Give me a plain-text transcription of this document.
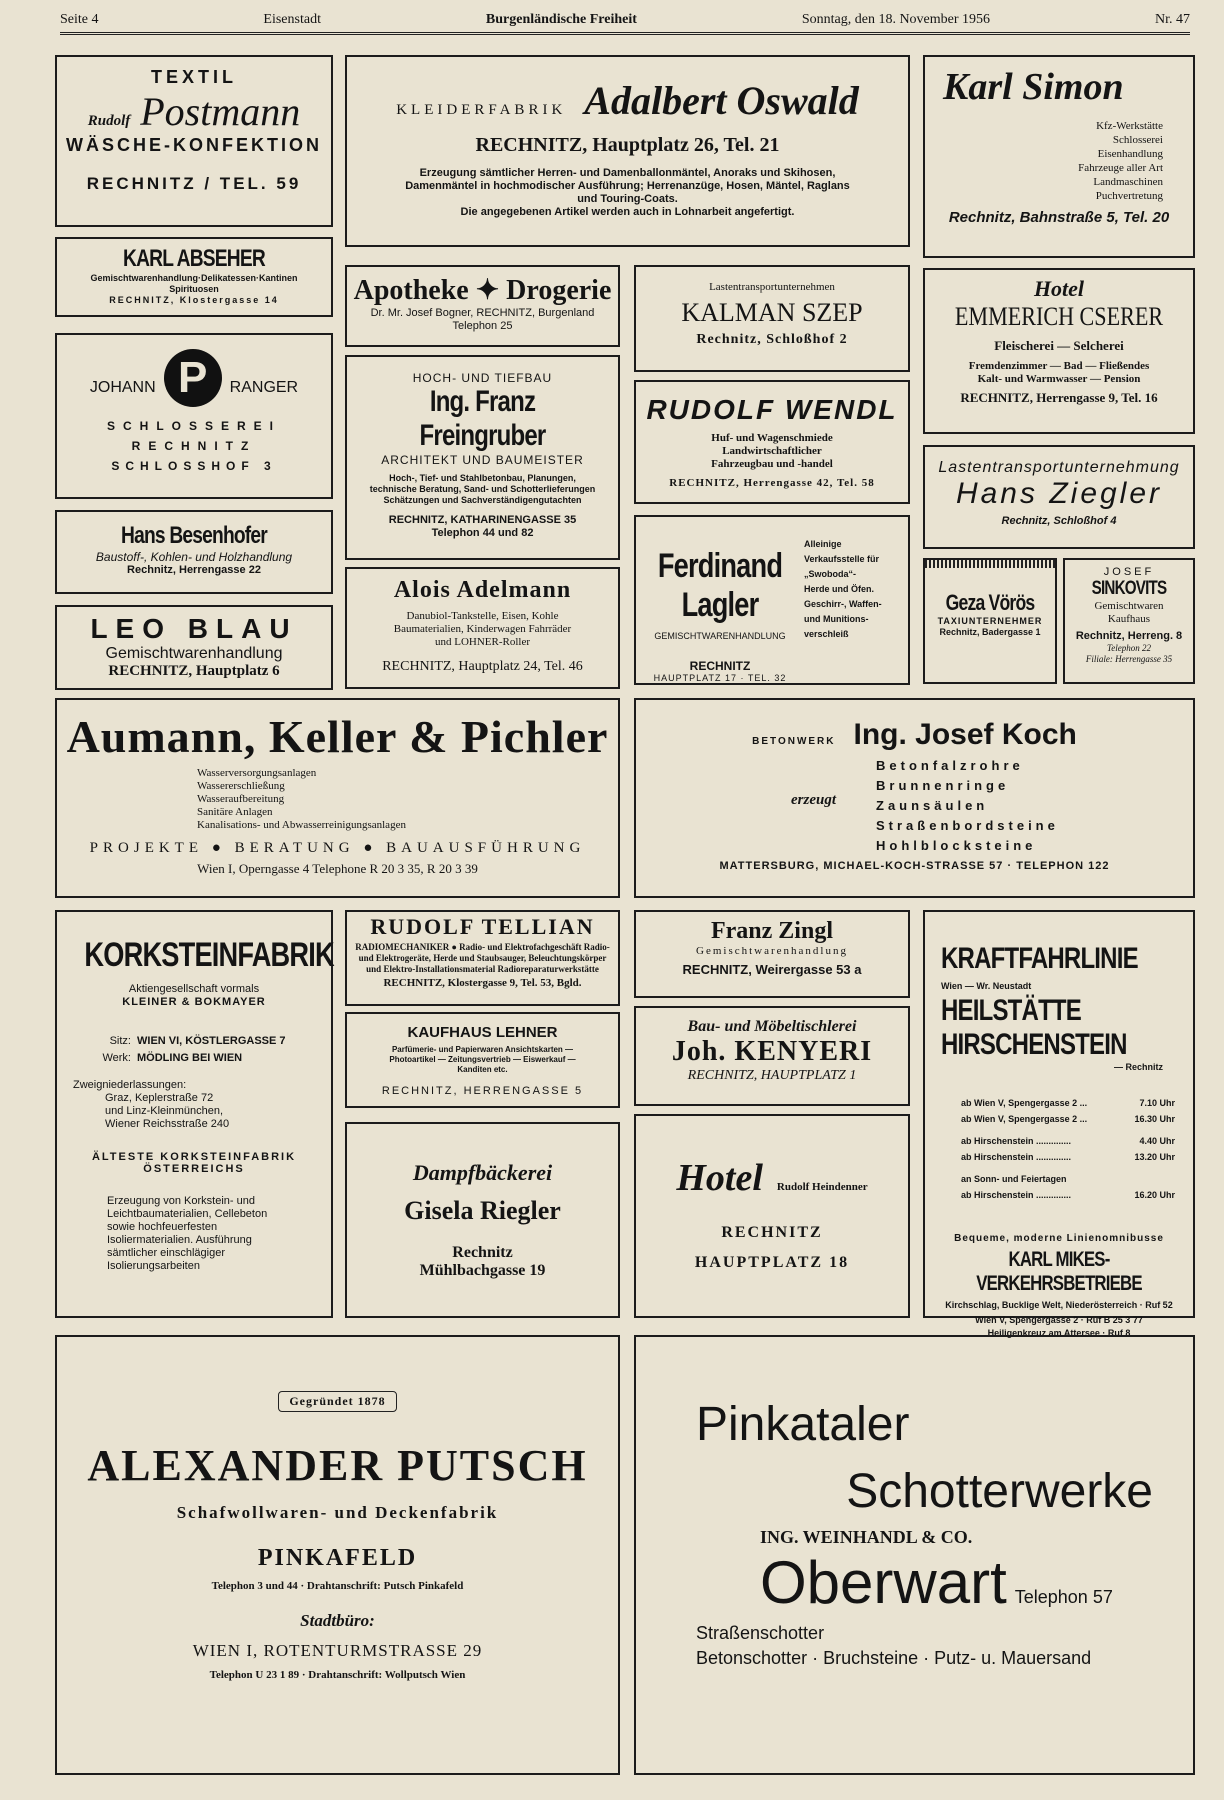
Seite 4	Eisenstadt	Burgenländische Freiheit	Sonntag, den 18. November 1956	Nr. 47
TEXTIL
Rudolf Postmann
WÄSCHE-KONFEKTION
RECHNITZ / TEL. 59
KLEIDERFABRIK Adalbert Oswald
RECHNITZ, Hauptplatz 26, Tel. 21
Erzeugung sämtlicher Herren- und Damenballonmäntel, Anoraks und Skihosen, Damenmäntel in hochmodischer Ausführung; Herrenanzüge, Hosen, Mäntel, Raglans und Touring-Coats.
Die angegebenen Artikel werden auch in Lohnarbeit angefertigt.
Karl Simon
Kfz-Werkstätte
Schlosserei
Eisenhandlung
Fahrzeuge aller Art
Landmaschinen
Puchvertretung
Rechnitz, Bahnstraße 5, Tel. 20
KARL ABSEHER
Gemischtwarenhandlung·Delikatessen·Kantinen
Spirituosen
RECHNITZ, Klostergasse 14	Apotheke ✦ Drogerie
Dr. Mr. Josef Bogner, RECHNITZ, Burgenland
Telephon 25
Lastentransportunternehmen
KALMAN SZEP
Rechnitz, Schloßhof 2
Hotel
EMMERICH CSERER
Fleischerei — Selcherei
Fremdenzimmer — Bad — Fließendes
Kalt- und Warmwasser — Pension
RECHNITZ, Herrengasse 9, Tel. 16
JOHANN P RANGER
SCHLOSSEREI
RECHNITZ
SCHLOSSHOF 3
HOCH- UND TIEFBAU
Ing. Franz Freingruber
ARCHITEKT UND BAUMEISTER
Hoch-, Tief- und Stahlbetonbau, Planungen, technische Beratung, Sand- und Schotterlieferungen Schätzungen und Sachverständigengutachten
RECHNITZ, KATHARINENGASSE 35
Telephon 44 und 82
RUDOLF WENDL
Huf- und Wagenschmiede
Landwirtschaftlicher
Fahrzeugbau und -handel
RECHNITZ, Herrengasse 42, Tel. 58
Lastentransportunternehmung
Hans Ziegler
Rechnitz, Schloßhof 4
Hans Besenhofer
Baustoff-, Kohlen- und Holzhandlung
Rechnitz, Herrengasse 22	Ferdinand Lagler
GEMISCHTWARENHANDLUNG
RECHNITZ
HAUPTPLATZ 17 · TEL. 32
Alleinige
Verkaufsstelle für
„Swoboda“-
Herde und Öfen.
Geschirr-, Waffen-
und Munitions-
verschleiß
Geza Vörös
TAXIUNTERNEHMER
Rechnitz, Badergasse 1
JOSEF
SINKOVITS
Gemischtwaren
Kaufhaus
Rechnitz, Herreng. 8
Telephon 22
Filiale: Herrengasse 35
LEO BLAU
Gemischtwarenhandlung
RECHNITZ, Hauptplatz 6
Alois Adelmann
Danubiol-Tankstelle, Eisen, Kohle Baumaterialien, Kinderwagen Fahrräder und LOHNER-Roller
RECHNITZ, Hauptplatz 24, Tel. 46
Aumann, Keller & Pichler
Wasserversorgungsanlagen
Wassererschließung
Wasseraufbereitung
Sanitäre Anlagen
Kanalisations- und Abwasserreinigungsanlagen
PROJEKTE ● BERATUNG ● BAUAUSFÜHRUNG
Wien I, Operngasse 4 Telephone R 20 3 35, R 20 3 39
BETONWERK Ing. Josef Koch
erzeugt
Betonfalzrohre
Brunnenringe
Zaunsäulen
Straßenbordsteine
Hohlblocksteine
MATTERSBURG, MICHAEL-KOCH-STRASSE 57 · TELEPHON 122
KORKSTEINFABRIK
Aktiengesellschaft vormals
KLEINER & BOKMAYER
Sitz: WIEN VI, KÖSTLERGASSE 7
Werk: MÖDLING BEI WIEN
Zweigniederlassungen:
Graz, Keplerstraße 72
und Linz-Kleinmünchen,
Wiener Reichsstraße 240
ÄLTESTE KORKSTEINFABRIK ÖSTERREICHS
Erzeugung von Korkstein- und Leichtbaumaterialien, Cellebeton sowie hochfeuerfesten Isoliermaterialien. Ausführung sämtlicher einschlägiger Isolierungsarbeiten
RUDOLF TELLIAN
RADIOMECHANIKER ● Radio- und Elektrofachgeschäft Radio- und Elektrogeräte, Herde und Staubsauger, Beleuchtungskörper und Elektro-Installationsmaterial Radioreparaturwerkstätte
RECHNITZ, Klostergasse 9, Tel. 53, Bgld.
Franz Zingl
Gemischtwarenhandlung
RECHNITZ, Weirergasse 53 a	KRAFTFAHRLINIE Wien — Wr. Neustadt
HEILSTÄTTE HIRSCHENSTEIN
— Rechnitz
ab Wien V, Spengergasse 2 ...	7.10 Uhr
ab Wien V, Spengergasse 2 ...	16.30 Uhr
ab Hirschenstein ..............	4.40 Uhr
ab Hirschenstein ..............	13.20 Uhr
an Sonn- und Feiertagen
ab Hirschenstein ..............	16.20 Uhr
Bequeme, moderne Linienomnibusse
KARL MIKES-VERKEHRSBETRIEBE
Kirchschlag, Bucklige Welt, Niederösterreich · Ruf 52
Wien V, Spengergasse 2 · Ruf B 25 3 77
Heiligenkreuz am Attersee · Ruf 8
KAUFHAUS LEHNER
Parfümerie- und Papierwaren Ansichtskarten — Photoartikel — Zeitungsvertrieb — Eiswerkauf — Kanditen etc.
RECHNITZ, HERRENGASSE 5
Bau- und Möbeltischlerei
Joh. KENYERI
RECHNITZ, HAUPTPLATZ 1
Dampfbäckerei
Gisela Riegler
Rechnitz
Mühlbachgasse 19
Hotel Rudolf Heindenner
RECHNITZ
HAUPTPLATZ 18
Gegründet 1878
ALEXANDER PUTSCH
Schafwollwaren- und Deckenfabrik
PINKAFELD
Telephon 3 und 44 · Drahtanschrift: Putsch Pinkafeld
Stadtbüro:
WIEN I, ROTENTURMSTRASSE 29
Telephon U 23 1 89 · Drahtanschrift: Wollputsch Wien
Pinkataler
Schotterwerke
ING. WEINHANDL & CO.
Oberwart Telephon 57
Straßenschotter
Betonschotter · Bruchsteine · Putz- u. Mauersand
